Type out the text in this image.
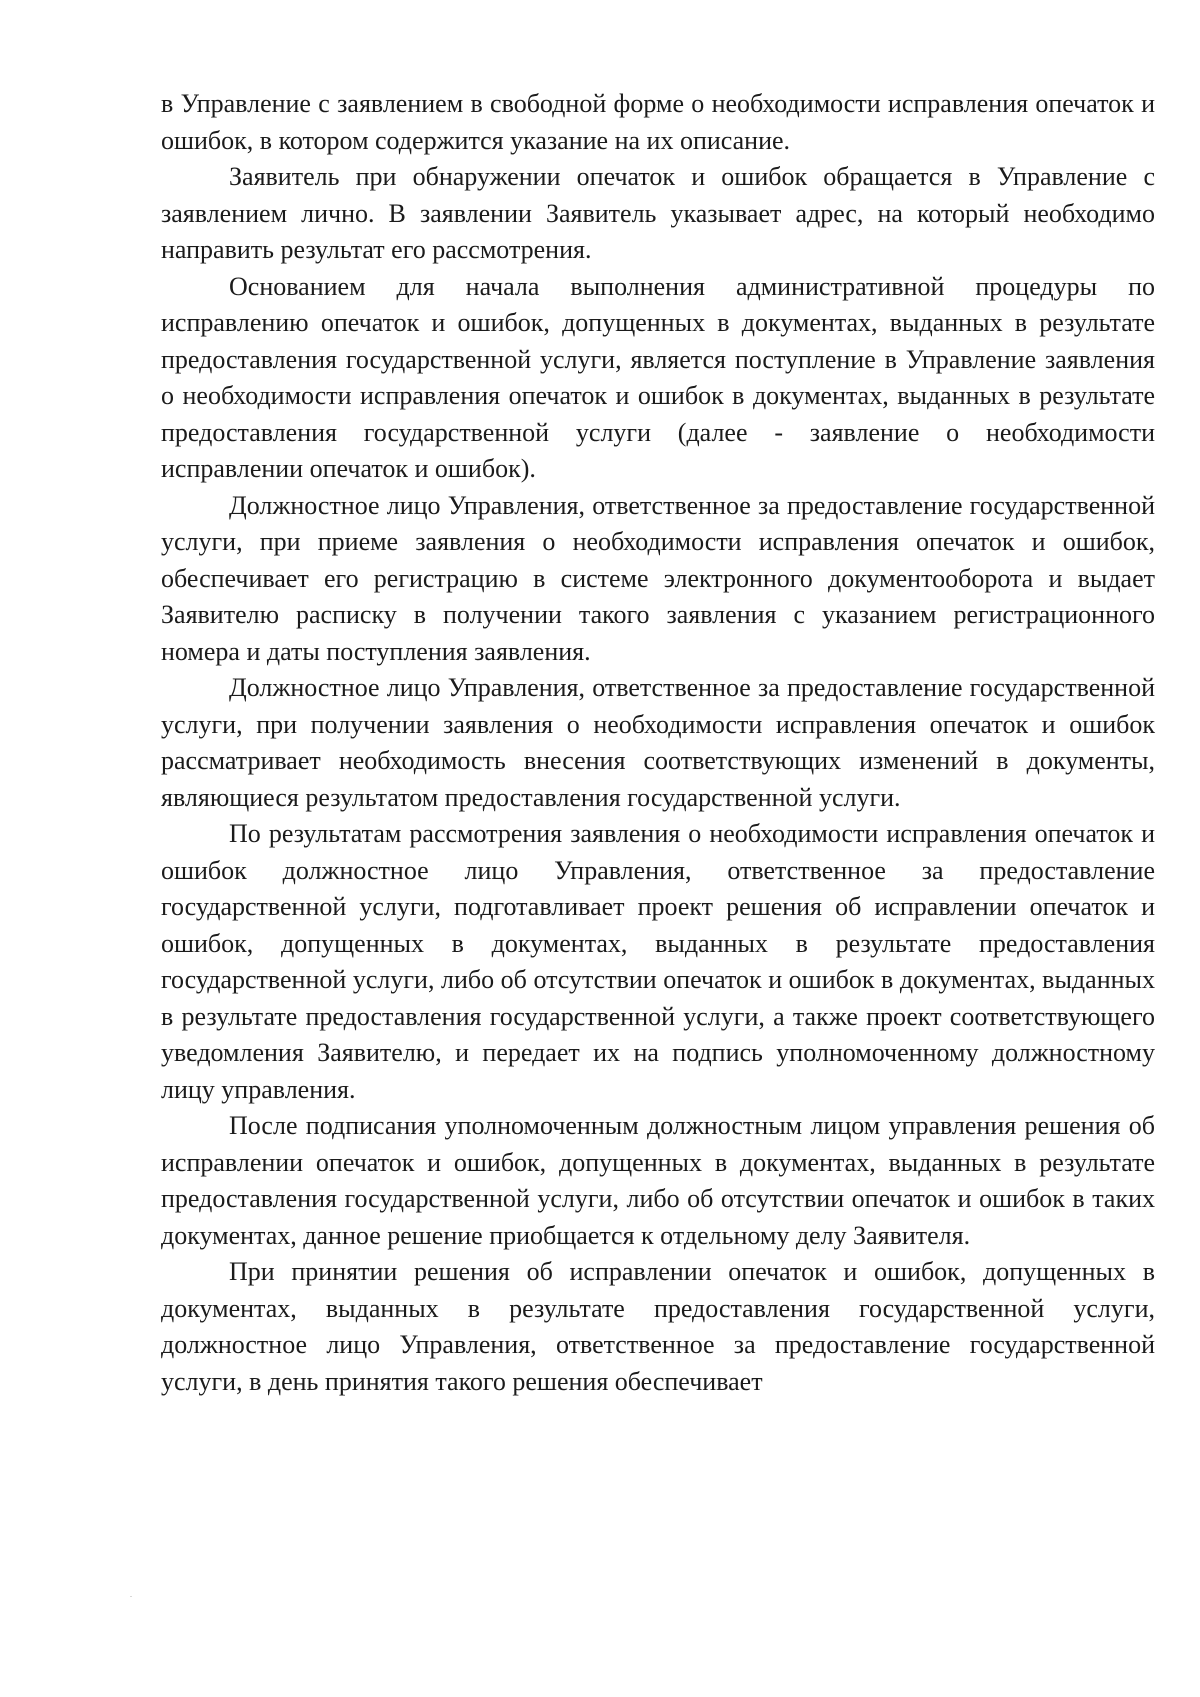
в Управление с заявлением в свободной форме о необходимости исправления опечаток и ошибок, в котором содержится указание на их описание.

Заявитель при обнаружении опечаток и ошибок обращается в Управление с заявлением лично. В заявлении Заявитель указывает адрес, на который необходимо направить результат его рассмотрения.

Основанием для начала выполнения административной процедуры по исправлению опечаток и ошибок, допущенных в документах, выданных в результате предоставления государственной услуги, является поступление в Управление заявления о необходимости исправления опечаток и ошибок в документах, выданных в результате предоставления государственной услуги (далее - заявление о необходимости исправлении опечаток и ошибок).

Должностное лицо Управления, ответственное за предоставление государственной услуги, при приеме заявления о необходимости исправления опечаток и ошибок, обеспечивает его регистрацию в системе электронного документооборота и выдает Заявителю расписку в получении такого заявления с указанием регистрационного номера и даты поступления заявления.

Должностное лицо Управления, ответственное за предоставление государственной услуги, при получении заявления о необходимости исправления опечаток и ошибок рассматривает необходимость внесения соответствующих изменений в документы, являющиеся результатом предоставления государственной услуги.

По результатам рассмотрения заявления о необходимости исправления опечаток и ошибок должностное лицо Управления, ответственное за предоставление государственной услуги, подготавливает проект решения об исправлении опечаток и ошибок, допущенных в документах, выданных в результате предоставления государственной услуги, либо об отсутствии опечаток и ошибок в документах, выданных в результате предоставления государственной услуги, а также проект соответствующего уведомления Заявителю, и передает их на подпись уполномоченному должностному лицу управления.

После подписания уполномоченным должностным лицом управления решения об исправлении опечаток и ошибок, допущенных в документах, выданных в результате предоставления государственной услуги, либо об отсутствии опечаток и ошибок в таких документах, данное решение приобщается к отдельному делу Заявителя.

При принятии решения об исправлении опечаток и ошибок, допущенных в документах, выданных в результате предоставления государственной услуги, должностное лицо Управления, ответственное за предоставление государственной услуги, в день принятия такого решения обеспечивает
